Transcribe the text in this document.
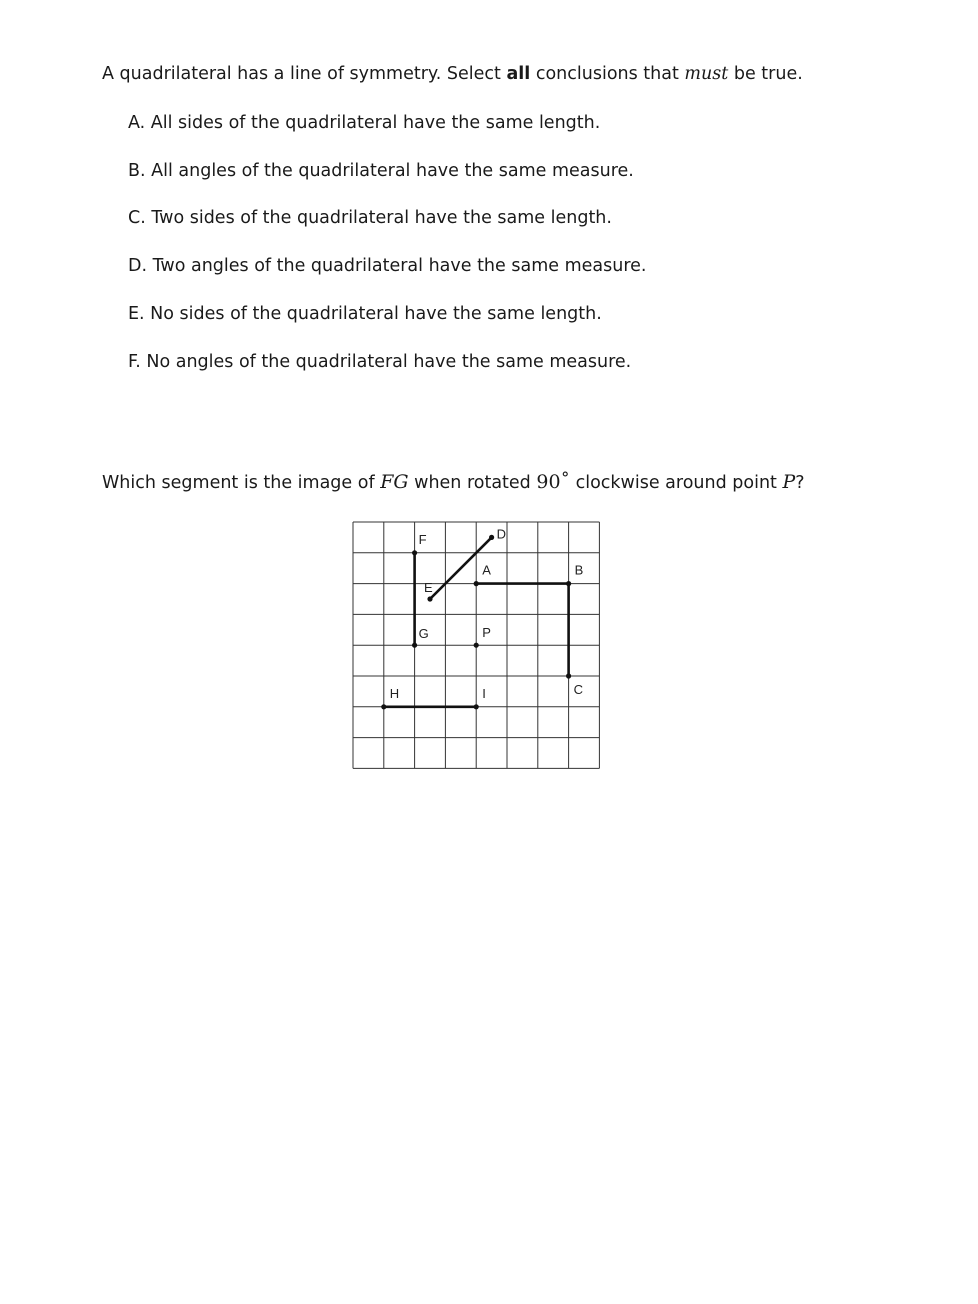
A quadrilateral has a line of symmetry. Select all conclusions that must be true.
A. All sides of the quadrilateral have the same length.
B. All angles of the quadrilateral have the same measure.
C. Two sides of the quadrilateral have the same length.
D. Two angles of the quadrilateral have the same measure.
E. No sides of the quadrilateral have the same length.
F. No angles of the quadrilateral have the same measure.
Which segment is the image of FG when rotated 90˚ clockwise around point P?
F
G
E
D
A	B
C
P
H	I
